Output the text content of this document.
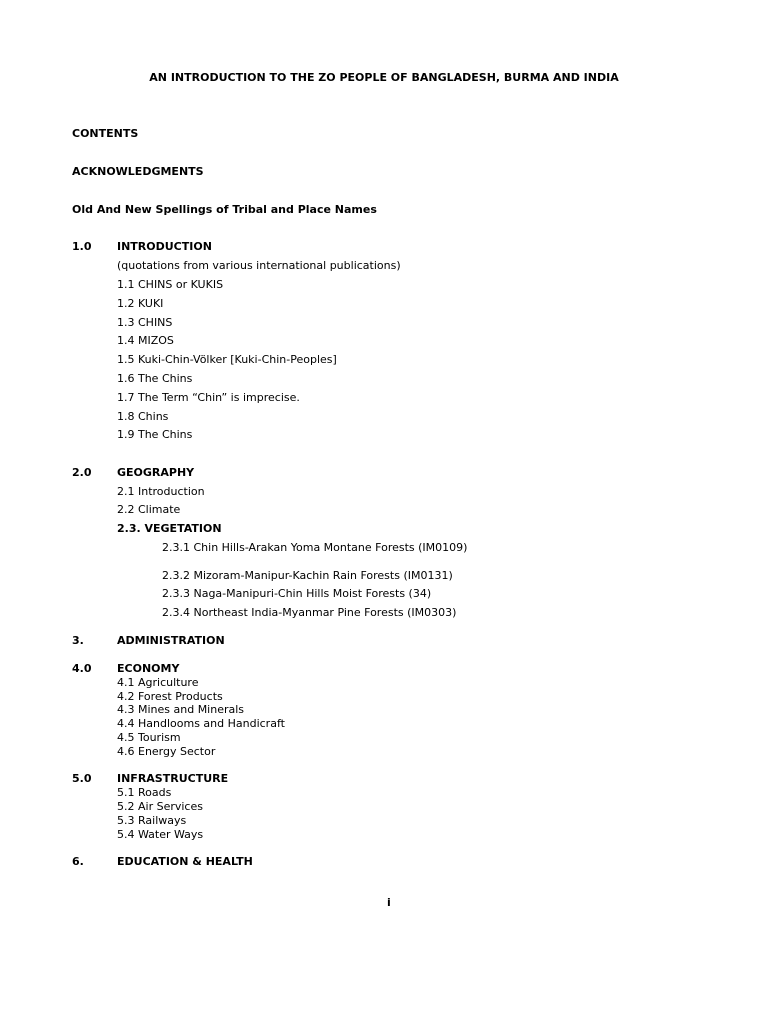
AN INTRODUCTION TO THE ZO PEOPLE OF BANGLADESH, BURMA AND INDIA
CONTENTS
ACKNOWLEDGMENTS
Old And New Spellings of Tribal and Place Names
1.0 INTRODUCTION
(quotations from various international publications)
1.1 CHINS or KUKIS
1.2 KUKI
1.3 CHINS
1.4 MIZOS
1.5 Kuki-Chin-Völker [Kuki-Chin-Peoples]
1.6 The Chins
1.7 The Term “Chin” is imprecise.
1.8 Chins
1.9 The Chins
2.0 GEOGRAPHY
2.1 Introduction
2.2 Climate
2.3. VEGETATION
2.3.1 Chin Hills-Arakan Yoma Montane Forests (IM0109)
2.3.2 Mizoram-Manipur-Kachin Rain Forests (IM0131)
2.3.3 Naga-Manipuri-Chin Hills Moist Forests (34)
2.3.4 Northeast India-Myanmar Pine Forests (IM0303)
3.	ADMINISTRATION
4.0 ECONOMY
4.1 Agriculture
4.2 Forest Products
4.3 Mines and Minerals
4.4 Handlooms and Handicraft
4.5 Tourism
4.6 Energy Sector
5.0 INFRASTRUCTURE
5.1 Roads
5.2 Air Services
5.3 Railways
5.4 Water Ways
6.	EDUCATION & HEALTH
i
